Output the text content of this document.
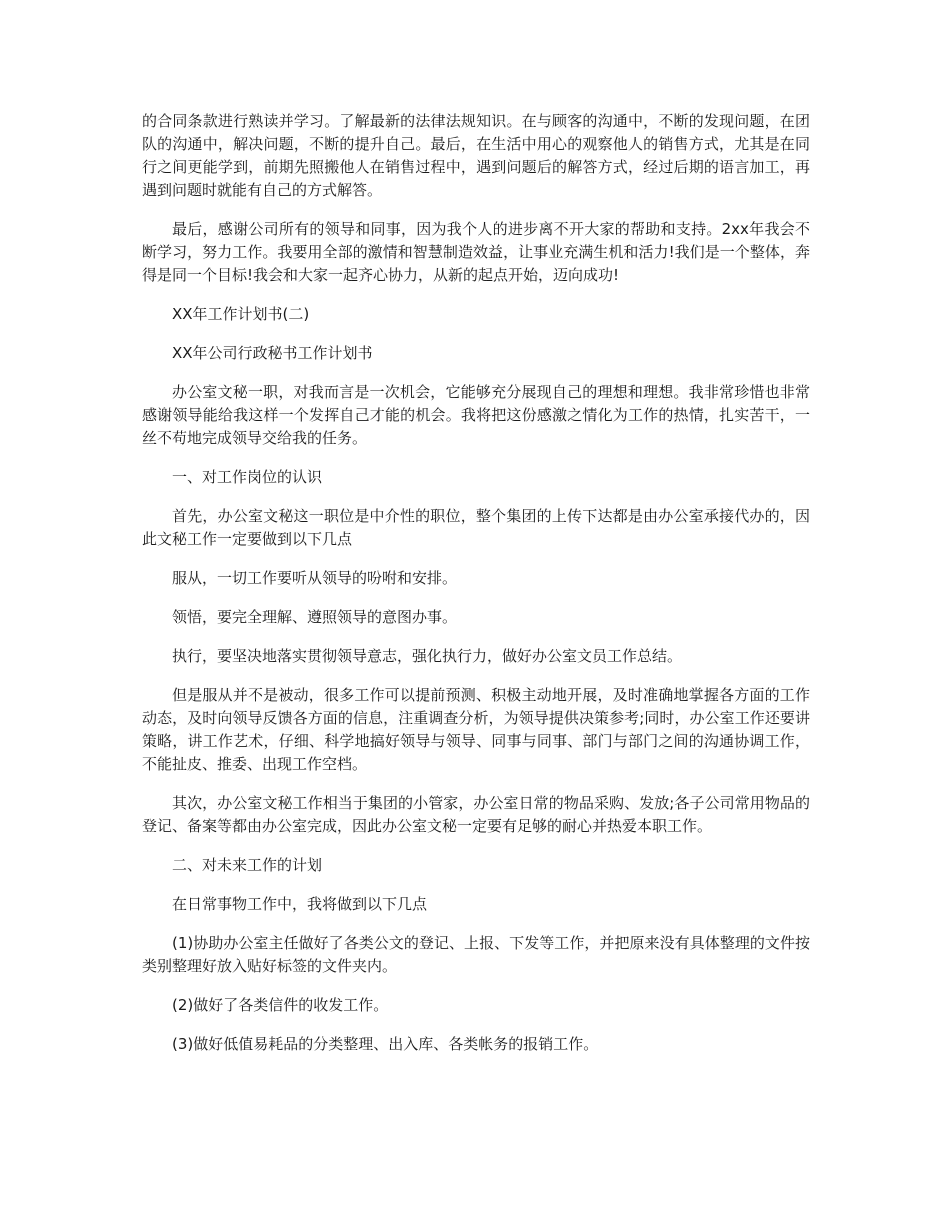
的合同条款进行熟读并学习。了解最新的法律法规知识。在与顾客的沟通中，不断的发现问题，在团队的沟通中，解决问题，不断的提升自己。最后，在生活中用心的观察他人的销售方式，尤其是在同行之间更能学到，前期先照搬他人在销售过程中，遇到问题后的解答方式，经过后期的语言加工，再遇到问题时就能有自己的方式解答。

最后，感谢公司所有的领导和同事，因为我个人的进步离不开大家的帮助和支持。2xx年我会不断学习，努力工作。我要用全部的激情和智慧制造效益，让事业充满生机和活力!我们是一个整体，奔得是同一个目标!我会和大家一起齐心协力，从新的起点开始，迈向成功!

XX年工作计划书(二)

XX年公司行政秘书工作计划书

办公室文秘一职，对我而言是一次机会，它能够充分展现自己的理想和理想。我非常珍惜也非常感谢领导能给我这样一个发挥自己才能的机会。我将把这份感激之情化为工作的热情，扎实苦干，一丝不苟地完成领导交给我的任务。

一、对工作岗位的认识

首先，办公室文秘这一职位是中介性的职位，整个集团的上传下达都是由办公室承接代办的，因此文秘工作一定要做到以下几点

服从，一切工作要听从领导的吩咐和安排。

领悟，要完全理解、遵照领导的意图办事。

执行，要坚决地落实贯彻领导意志，强化执行力，做好办公室文员工作总结。

但是服从并不是被动，很多工作可以提前预测、积极主动地开展，及时准确地掌握各方面的工作动态，及时向领导反馈各方面的信息，注重调查分析，为领导提供决策参考;同时，办公室工作还要讲策略，讲工作艺术，仔细、科学地搞好领导与领导、同事与同事、部门与部门之间的沟通协调工作，不能扯皮、推委、出现工作空档。

其次，办公室文秘工作相当于集团的小管家，办公室日常的物品采购、发放;各子公司常用物品的登记、备案等都由办公室完成，因此办公室文秘一定要有足够的耐心并热爱本职工作。

二、对未来工作的计划

在日常事物工作中，我将做到以下几点

(1)协助办公室主任做好了各类公文的登记、上报、下发等工作，并把原来没有具体整理的文件按类别整理好放入贴好标签的文件夹内。

(2)做好了各类信件的收发工作。

(3)做好低值易耗品的分类整理、出入库、各类帐务的报销工作。
